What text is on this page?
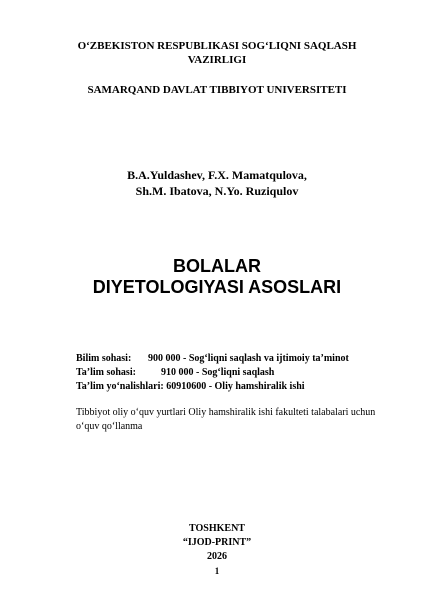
O‘ZBEKISTON RESPUBLIKASI SOG‘LIQNI SAQLASH
VAZIRLIGI
SAMARQAND DAVLAT TIBBIYOT UNIVERSITETI
B.A.Yuldashev, F.X. Mamatqulova,
Sh.M. Ibatova, N.Yo. Ruziqulov
BOLALAR
DIYETOLOGIYASI ASOSLARI
Bilim sohasi: 900 000 - Sog‘liqni saqlash va ijtimoiy ta’minot
Ta’lim sohasi:	910 000 - Sog‘liqni saqlash
Ta’lim yo‘nalishlari: 60910600 - Oliy hamshiralik ishi
Tibbiyot oliy o‘quv yurtlari Oliy hamshiralik ishi fakulteti talabalari uchun
o‘quv qo‘llanma
TOSHKENT
“IJOD-PRINT”
2026
1
